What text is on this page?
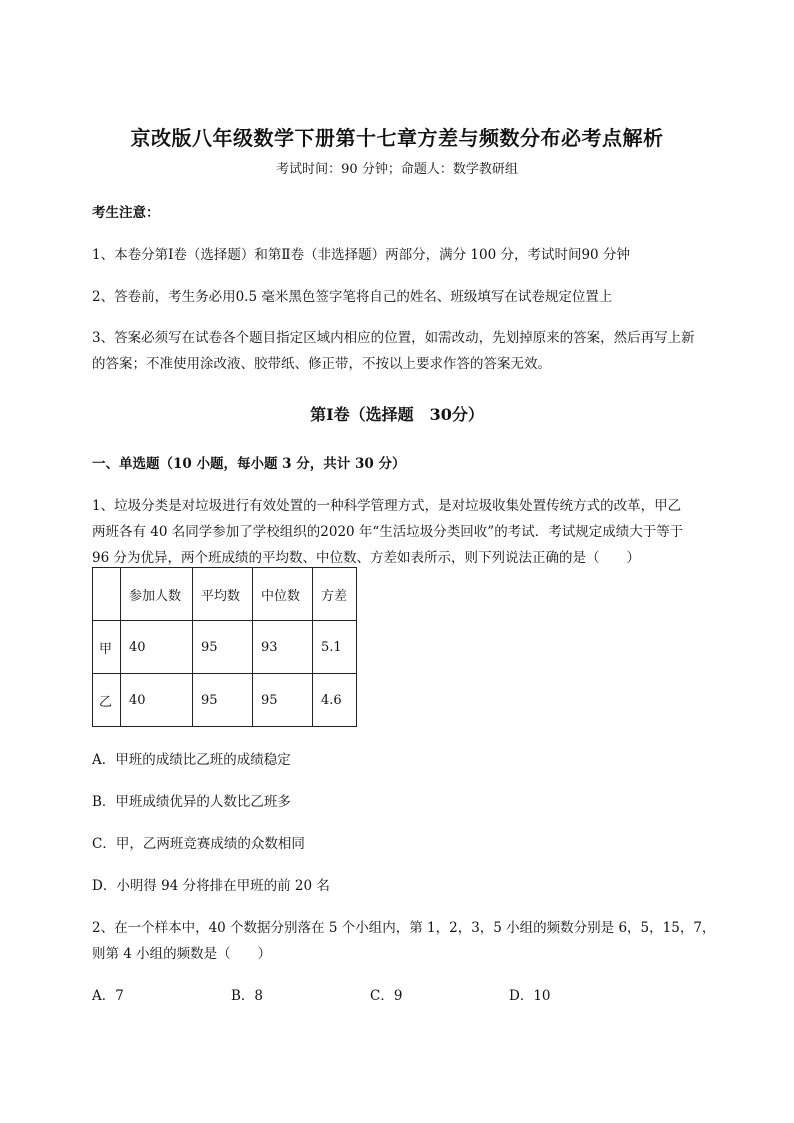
京改版八年级数学下册第十七章方差与频数分布必考点解析
考试时间：90 分钟；命题人：数学教研组
考生注意：
1、本卷分第Ⅰ卷（选择题）和第Ⅱ卷（非选择题）两部分，满分 100 分，考试时间90 分钟
2、答卷前，考生务必用0.5 毫米黑色签字笔将自己的姓名、班级填写在试卷规定位置上
3、答案必须写在试卷各个题目指定区域内相应的位置，如需改动，先划掉原来的答案，然后再写上新
的答案；不准使用涂改液、胶带纸、修正带，不按以上要求作答的答案无效。
第Ⅰ卷（选择题　30分）
一、单选题（10 小题，每小题 3 分，共计 30 分）
1、垃圾分类是对垃圾进行有效处置的一种科学管理方式，是对垃圾收集处置传统方式的改革，甲乙
两班各有 40 名同学参加了学校组织的2020 年“生活垃圾分类回收”的考试．考试规定成绩大于等于
96 分为优异，两个班成绩的平均数、中位数、方差如表所示，则下列说法正确的是（　　）
	参加人数	平均数	中位数	方差
甲	40	95	93	5.1
乙	40	95	95	4.6
A．甲班的成绩比乙班的成绩稳定
B．甲班成绩优异的人数比乙班多
C．甲，乙两班竞赛成绩的众数相同
D．小明得 94 分将排在甲班的前 20 名
2、在一个样本中，40 个数据分别落在 5 个小组内，第 1，2，3，5 小组的频数分别是 6，5，15，7，
则第 4 小组的频数是（　　）
A．7	B．8	C．9	D．10
